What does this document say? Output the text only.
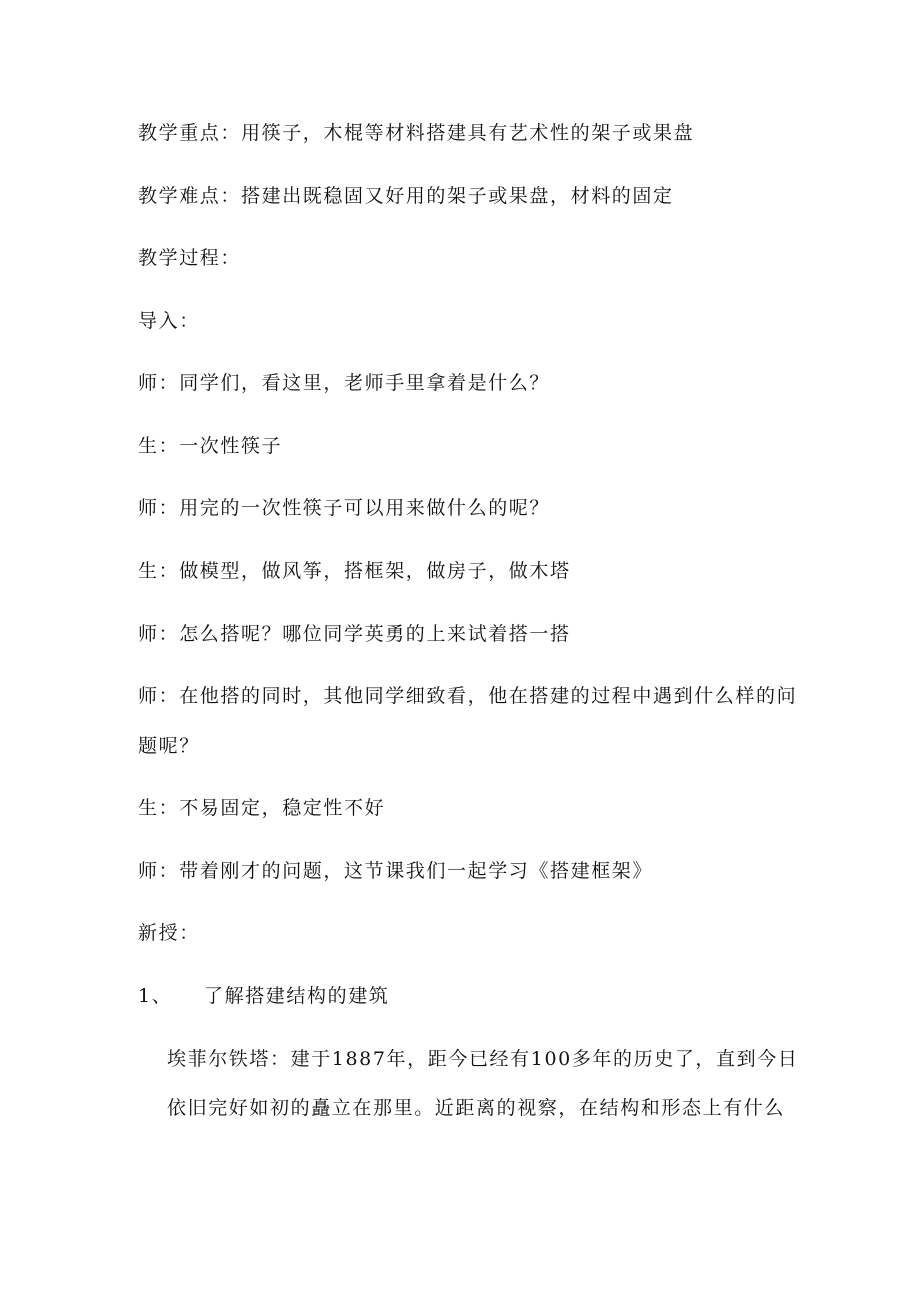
教学重点：用筷子，木棍等材料搭建具有艺术性的架子或果盘
教学难点：搭建出既稳固又好用的架子或果盘，材料的固定
教学过程：
导入：
师：同学们，看这里，老师手里拿着是什么？
生：一次性筷子
师：用完的一次性筷子可以用来做什么的呢？
生：做模型，做风筝，搭框架，做房子，做木塔
师：怎么搭呢？哪位同学英勇的上来试着搭一搭
师：在他搭的同时，其他同学细致看，他在搭建的过程中遇到什么样的问
题呢？
生：不易固定，稳定性不好
师：带着刚才的问题，这节课我们一起学习《搭建框架》
新授：
1、 了解搭建结构的建筑
埃菲尔铁塔：建于1887年，距今已经有100多年的历史了，直到今日
依旧完好如初的矗立在那里。近距离的视察，在结构和形态上有什么
